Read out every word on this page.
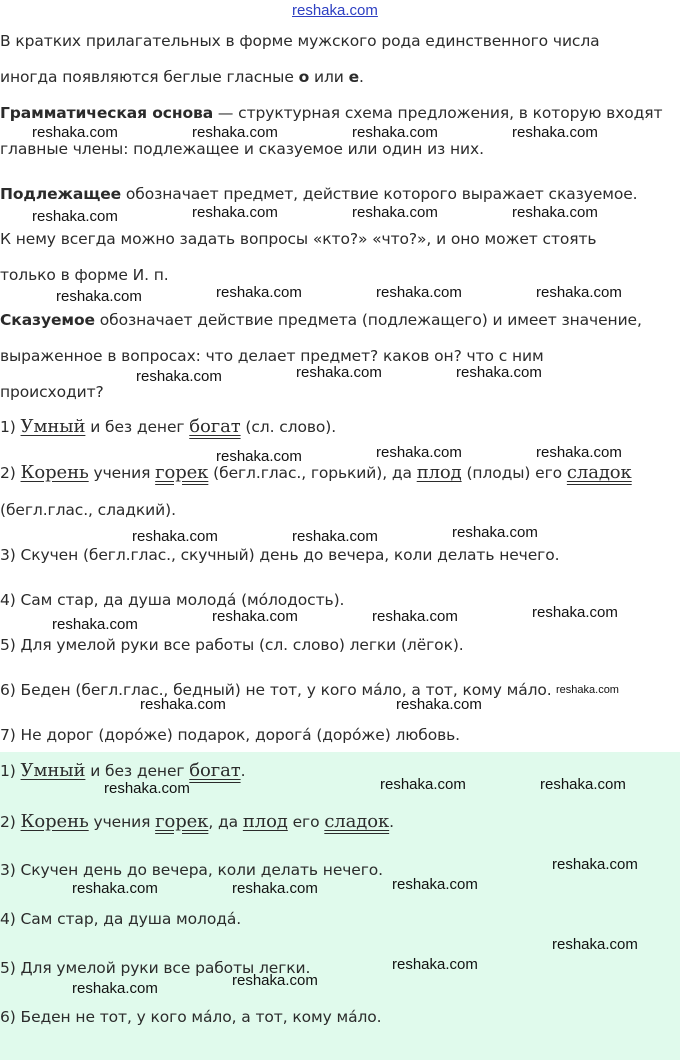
reshaka.com
В кратких прилагательных в форме мужского рода единственного числа
иногда появляются беглые гласные о или е.
Грамматическая основа — структурная схема предложения, в которую входят
главные члены: подлежащее и сказуемое или один из них.
Подлежащее обозначает предмет, действие которого выражает сказуемое.
К нему всегда можно задать вопросы «кто?» «что?», и оно может стоять
только в форме И. п.
Сказуемое обозначает действие предмета (подлежащего) и имеет значение,
выраженное в вопросах: что делает предмет? каков он? что с ним
происходит?
1) Умный и без денег богат (сл. слово).
2) Корень учения горек (бегл.глас., горький), да плод (плоды) его сладок
(бегл.глас., сладкий).
3) Скучен (бегл.глас., скучный) день до вечера, коли делать нечего.
4) Сам стар, да душа молодá (мóлодость).
5) Для умелой руки все работы (сл. слово) легки (лёгок).
6) Беден (бегл.глас., бедный) не тот, у кого мáло, а тот, кому мáло.
7) Не дорог (дорóже) подарок, дорогá (дорóже) любовь.
1) Умный и без денег богат.
2) Корень учения горек, да плод его сладок.
3) Скучен день до вечера, коли делать нечего.
4) Сам стар, да душа молодá.
5) Для умелой руки все работы легки.
6) Беден не тот, у кого мáло, а тот, кому мáло.
reshaka.com	reshaka.com	reshaka.com	reshaka.com
reshaka.com	reshaka.com	reshaka.com	reshaka.com
reshaka.com	reshaka.com	reshaka.com	reshaka.com
reshaka.com	reshaka.com	reshaka.com
reshaka.com	reshaka.com	reshaka.com
reshaka.com	reshaka.com	reshaka.com
reshaka.com	reshaka.com	reshaka.com	reshaka.com
reshaka.com
reshaka.com	reshaka.com
reshaka.com	reshaka.com	reshaka.com
reshaka.com
reshaka.com	reshaka.com	reshaka.com
reshaka.com
reshaka.com
reshaka.com
reshaka.com
